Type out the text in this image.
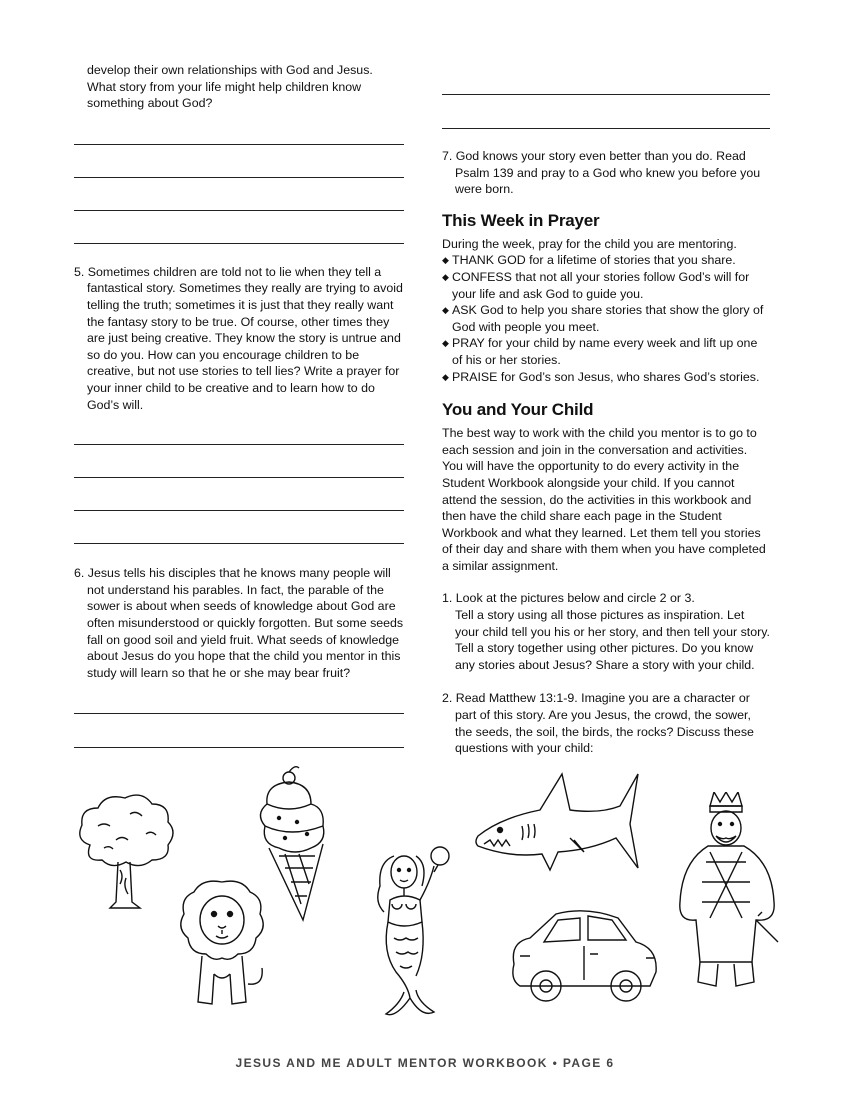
develop their own relationships with God and Jesus. What story from your life might help children know something about God?

5. Sometimes children are told not to lie when they tell a fantastical story. Sometimes they really are trying to avoid telling the truth; sometimes it is just that they really want the fantasy story to be true. Of course, other times they are just being creative. They know the story is untrue and so do you. How can you encourage children to be creative, but not use stories to tell lies? Write a prayer for your inner child to be creative and to learn how to do God’s will.

6. Jesus tells his disciples that he knows many people will not understand his parables. In fact, the parable of the sower is about when seeds of knowledge about God are often misunderstood or quickly forgotten. But some seeds fall on good soil and yield fruit. What seeds of knowledge about Jesus do you hope that the child you mentor in this study will learn so that he or she may bear fruit?

7. God knows your story even better than you do. Read Psalm 139 and pray to a God who knew you before you were born.

This Week in Prayer

During the week, pray for the child you are mentoring.

◆ THANK GOD for a lifetime of stories that you share.
◆ CONFESS that not all your stories follow God’s will for your life and ask God to guide you.
◆ ASK God to help you share stories that show the glory of God with people you meet.
◆ PRAY for your child by name every week and lift up one of his or her stories.
◆ PRAISE for God’s son Jesus, who shares God’s stories.
You and Your Child

The best way to work with the child you mentor is to go to each session and join in the conversation and activities. You will have the opportunity to do every activity in the Student Workbook alongside your child. If you cannot attend the session, do the activities in this workbook and then have the child share each page in the Student Workbook and what they learned. Let them tell you stories of their day and share with them when you have completed a similar assignment.

1. Look at the pictures below and circle 2 or 3.

Tell a story using all those pictures as inspiration. Let your child tell you his or her story, and then tell your story. Tell a story together using other pictures. Do you know any stories about Jesus? Share a story with your child.

2. Read Matthew 13:1-9. Imagine you are a character or part of this story. Are you Jesus, the crowd, the sower, the seeds, the soil, the birds, the rocks? Discuss these questions with your child:

JESUS AND ME ADULT MENTOR WORKBOOK • PAGE 6
